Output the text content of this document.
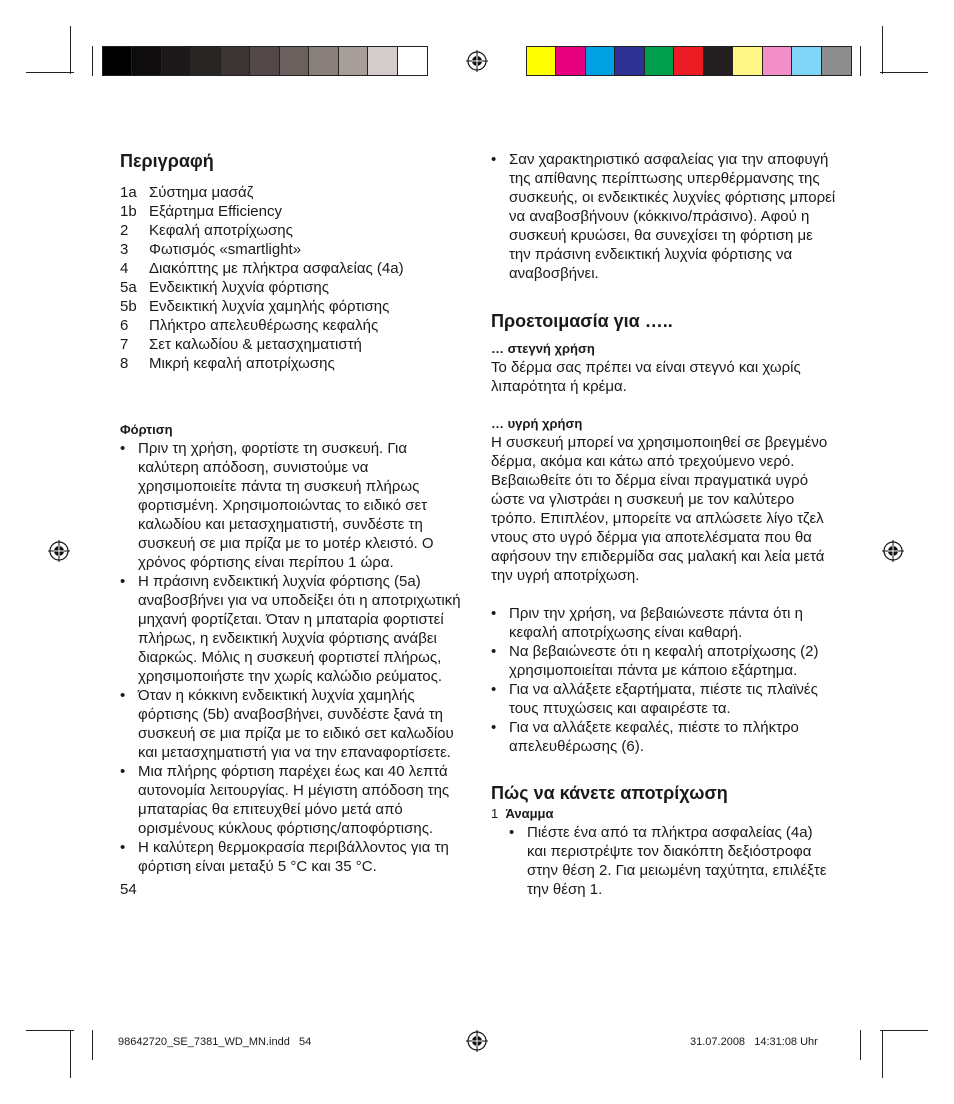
Περιγραφή
1a Σύστημα μασάζ
1b Εξάρτημα Efficiency
2	Κεφαλή αποτρίχωσης
3	Φωτισμός «smartlight»
4	Διακόπτης με πλήκτρα ασφαλείας (4a)
5a Ενδεικτική λυχνία φόρτισης
5b Ενδεικτική λυχνία χαμηλής φόρτισης
6	Πλήκτρο απελευθέρωσης κεφαλής
7	Σετ καλωδίου & μετασχηματιστή
8	Μικρή κεφαλή αποτρίχωσης
Φόρτιση
• Πριν τη χρήση, φορτίστε τη συσκευή. Για καλύτερη απόδοση, συνιστούμε να χρησιμοποιείτε πάντα τη συσκευή πλήρως φορτισμένη. Χρησιμοποιώντας το ειδικό σετ καλωδίου και μετασχηματιστή, συνδέστε τη συσκευή σε μια πρίζα με το μοτέρ κλειστό. Ο χρόνος φόρτισης είναι περίπου 1 ώρα.
• Η πράσινη ενδεικτική λυχνία φόρτισης (5a) αναβοσβήνει για να υποδείξει ότι η αποτριχωτική μηχανή φορτίζεται. Όταν η μπαταρία φορτιστεί πλήρως, η ενδεικτική λυχνία φόρτισης ανάβει διαρκώς. Μόλις η συσκευή φορτιστεί πλήρως, χρησιμοποιήστε την χωρίς καλώδιο ρεύματος.
• Όταν η κόκκινη ενδεικτική λυχνία χαμηλής φόρτισης (5b) αναβοσβήνει, συνδέστε ξανά τη συσκευή σε μια πρίζα με το ειδικό σετ καλωδίου και μετασχηματιστή για να την επαναφορτίσετε.
• Μια πλήρης φόρτιση παρέχει έως και 40 λεπτά αυτονομία λειτουργίας. Η μέγιστη απόδοση της μπαταρίας θα επιτευχθεί μόνο μετά από ορισμένους κύκλους φόρτισης/αποφόρτισης.
• Η καλύτερη θερμοκρασία περιβάλλοντος για τη φόρτιση είναι μεταξύ 5 °C και 35 °C.

54

• Σαν χαρακτηριστικό ασφαλείας για την αποφυγή της απίθανης περίπτωσης υπερθέρμανσης της συσκευής, οι ενδεικτικές λυχνίες φόρτισης μπορεί να αναβοσβήνουν (κόκκινο/πράσινο). Αφού η συσκευή κρυώσει, θα συνεχίσει τη φόρτιση με την πράσινη ενδεικτική λυχνία φόρτισης να αναβοσβήνει.
Προετοιμασία για …..
… στεγνή χρήση

Το δέρμα σας πρέπει να είναι στεγνό και χωρίς λιπαρότητα ή κρέμα.

… υγρή χρήση

Η συσκευή μπορεί να χρησιμοποιηθεί σε βρεγμένο δέρμα, ακόμα και κάτω από τρεχούμενο νερό. Βεβαιωθείτε ότι το δέρμα είναι πραγματικά υγρό ώστε να γλιστράει η συσκευή με τον καλύτερο τρόπο. Επιπλέον, μπορείτε να απλώσετε λίγο τζελ ντους στο υγρό δέρμα για αποτελέσματα που θα αφήσουν την επιδερμίδα σας μαλακή και λεία μετά την υγρή αποτρίχωση.

• Πριν την χρήση, να βεβαιώνεστε πάντα ότι η κεφαλή αποτρίχωσης είναι καθαρή.
• Να βεβαιώνεστε ότι η κεφαλή αποτρίχωσης (2) χρησιμοποιείται πάντα με κάποιο εξάρτημα.
• Για να αλλάξετε εξαρτήματα, πιέστε τις πλαϊνές τους πτυχώσεις και αφαιρέστε τα.
• Για να αλλάξετε κεφαλές, πιέστε το πλήκτρο απελευθέρωσης (6).
Πώς να κάνετε αποτρίχωση
1 Άναμμα
• Πιέστε ένα από τα πλήκτρα ασφαλείας (4a) και περιστρέψτε τον διακόπτη δεξιόστροφα στην θέση 2. Για μειωμένη ταχύτητα, επιλέξτε την θέση 1.
98642720_SE_7381_WD_MN.indd 54	31.07.2008 14:31:08 Uhr
